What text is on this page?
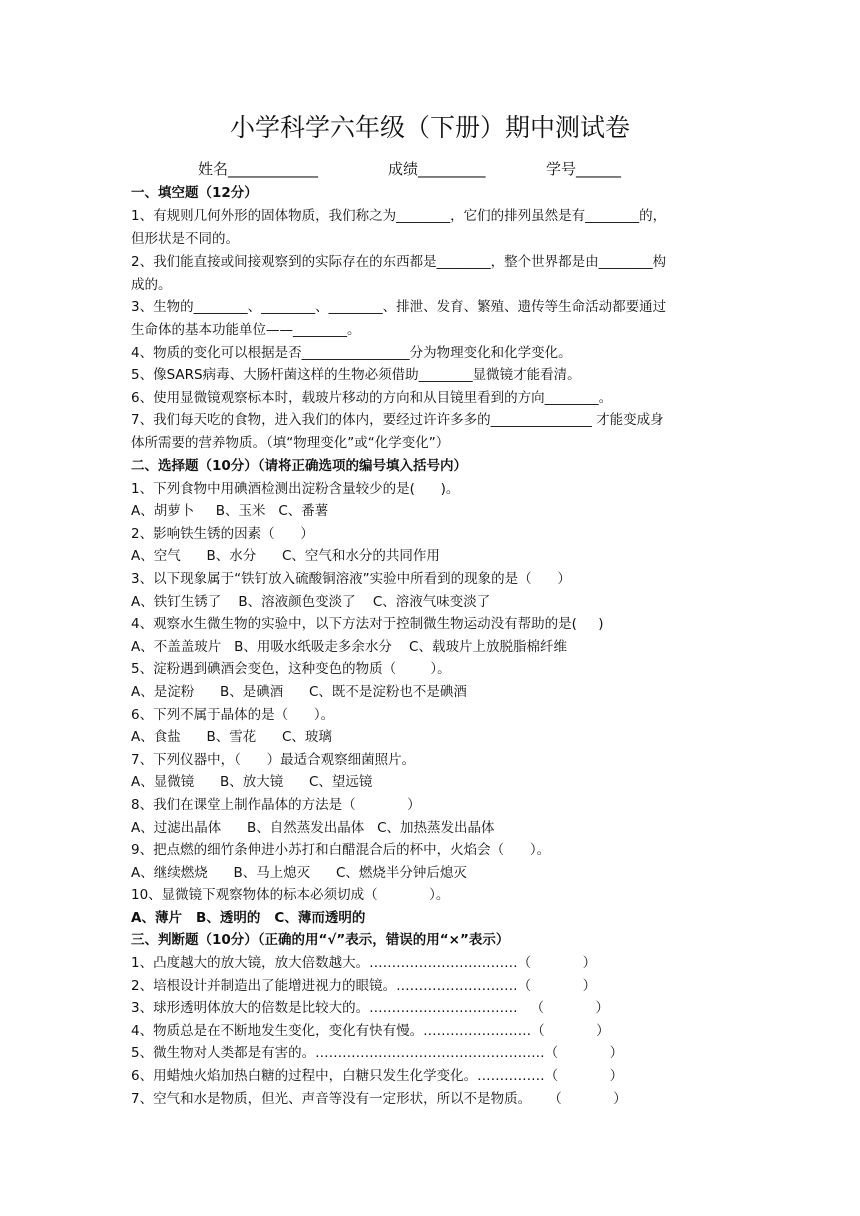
小学科学六年级（下册）期中测试卷
姓名____________	成绩_________	学号______
一、填空题（12分）
1、有规则几何外形的固体物质，我们称之为________，它们的排列虽然是有________的，
但形状是不同的。
2、我们能直接或间接观察到的实际存在的东西都是________，整个世界都是由________构
成的。
3、生物的________、________、________、排泄、发育、繁殖、遗传等生命活动都要通过
生命体的基本功能单位——________。
4、物质的变化可以根据是否________________分为物理变化和化学变化。
5、像SARS病毒、大肠杆菌这样的生物必须借助________显微镜才能看清。
6、使用显微镜观察标本时，载玻片移动的方向和从目镜里看到的方向________。
7、我们每天吃的食物，进入我们的体内，要经过许许多多的_______________ 才能变成身
体所需要的营养物质。（填“物理变化”或“化学变化”）
二、选择题（10分）（请将正确选项的编号填入括号内）
1、下列食物中用碘酒检测出淀粉含量较少的是(      )。
A、胡萝卜     B、玉米   C、番薯
2、影响铁生锈的因素（      ）
A、空气      B、水分      C、空气和水分的共同作用
3、以下现象属于“铁钉放入硫酸铜溶液”实验中所看到的现象的是（      ）
A、铁钉生锈了    B、溶液颜色变淡了    C、溶液气味变淡了
4、观察水生微生物的实验中，以下方法对于控制微生物运动没有帮助的是(     )
A、不盖盖玻片   B、用吸水纸吸走多余水分    C、载玻片上放脱脂棉纤维
5、淀粉遇到碘酒会变色，这种变色的物质（        ）。
A、是淀粉      B、是碘酒      C、既不是淀粉也不是碘酒
6、下列不属于晶体的是（      ）。
A、食盐      B、雪花      C、玻璃
7、下列仪器中，（      ）最适合观察细菌照片。
A、显微镜      B、放大镜      C、望远镜
8、我们在课堂上制作晶体的方法是（            ）
A、过滤出晶体      B、自然蒸发出晶体   C、加热蒸发出晶体
9、把点燃的细竹条伸进小苏打和白醋混合后的杯中，火焰会（      ）。
A、继续燃烧      B、马上熄灭      C、燃烧半分钟后熄灭
10、显微镜下观察物体的标本必须切成（            ）。
A、薄片   B、透明的   C、薄而透明的
三、判断题（10分）（正确的用“√”表示，错误的用“×”表示）
1、凸度越大的放大镜，放大倍数越大。……………………………（            ）
2、培根设计并制造出了能增进视力的眼镜。………………………（            ）
3、球形透明体放大的倍数是比较大的。……………………………   （            ）
4、物质总是在不断地发生变化，变化有快有慢。……………………（            ）
5、微生物对人类都是有害的。……………………………………………（            ）
6、用蜡烛火焰加热白糖的过程中，白糖只发生化学变化。……………（            ）
7、空气和水是物质，但光、声音等没有一定形状，所以不是物质。    （            ）
